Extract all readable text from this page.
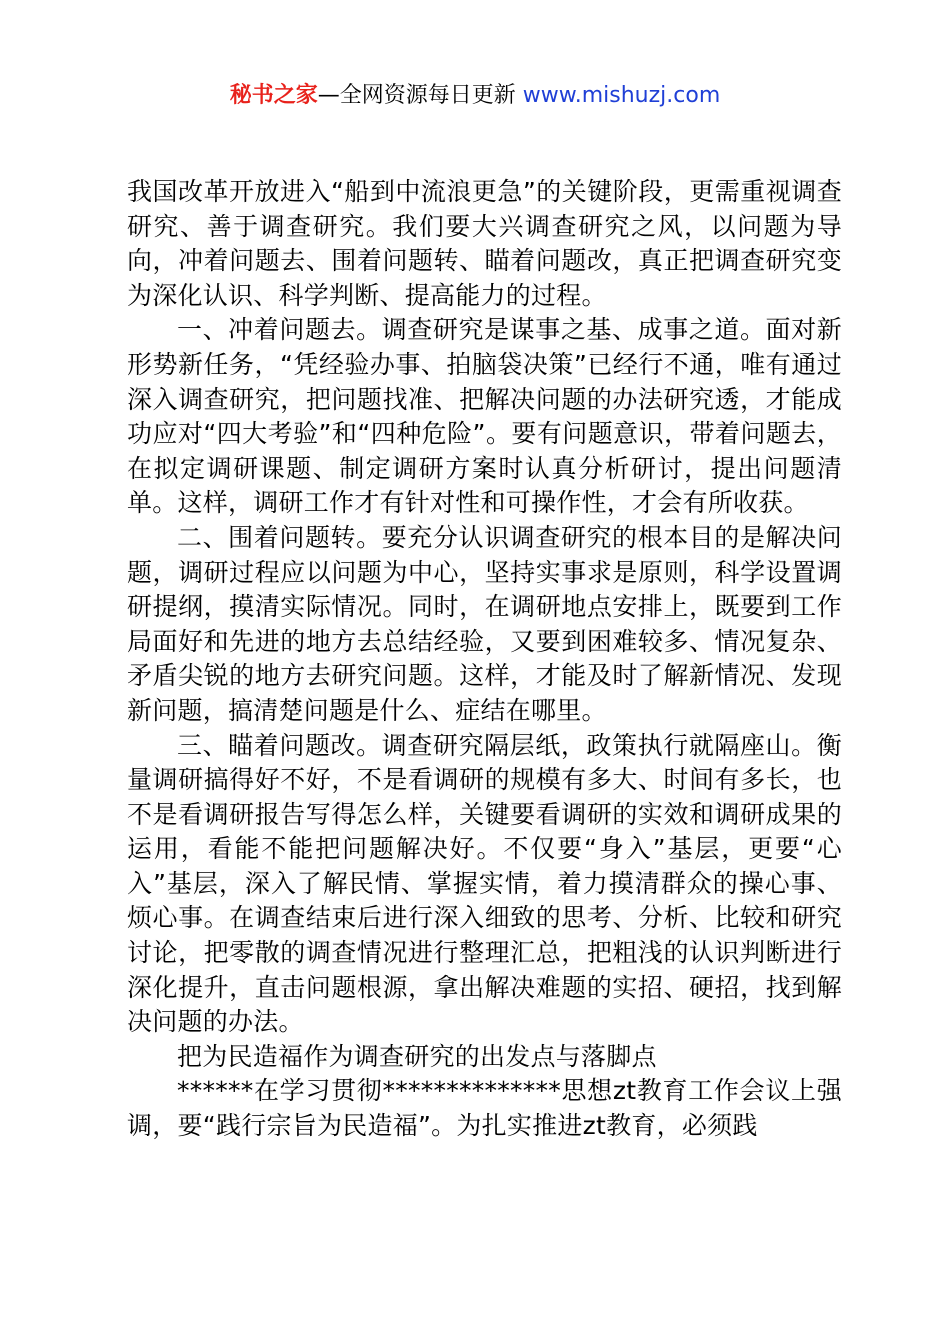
秘书之家—全网资源每日更新 www.mishuzj.com

我国改革开放进入“船到中流浪更急”的关键阶段，更需重视调查研究、善于调查研究。我们要大兴调查研究之风，以问题为导向，冲着问题去、围着问题转、瞄着问题改，真正把调查研究变为深化认识、科学判断、提高能力的过程。

一、冲着问题去。调查研究是谋事之基、成事之道。面对新形势新任务，“凭经验办事、拍脑袋决策”已经行不通，唯有通过深入调查研究，把问题找准、把解决问题的办法研究透，才能成功应对“四大考验”和“四种危险”。要有问题意识，带着问题去，在拟定调研课题、制定调研方案时认真分析研讨，提出问题清单。这样，调研工作才有针对性和可操作性，才会有所收获。

二、围着问题转。要充分认识调查研究的根本目的是解决问题，调研过程应以问题为中心，坚持实事求是原则，科学设置调研提纲，摸清实际情况。同时，在调研地点安排上，既要到工作局面好和先进的地方去总结经验，又要到困难较多、情况复杂、矛盾尖锐的地方去研究问题。这样，才能及时了解新情况、发现新问题，搞清楚问题是什么、症结在哪里。

三、瞄着问题改。调查研究隔层纸，政策执行就隔座山。衡量调研搞得好不好，不是看调研的规模有多大、时间有多长，也不是看调研报告写得怎么样，关键要看调研的实效和调研成果的运用，看能不能把问题解决好。不仅要“身入”基层，更要“心入”基层，深入了解民情、掌握实情，着力摸清群众的操心事、烦心事。在调查结束后进行深入细致的思考、分析、比较和研究讨论，把零散的调查情况进行整理汇总，把粗浅的认识判断进行深化提升，直击问题根源，拿出解决难题的实招、硬招，找到解决问题的办法。

把为民造福作为调查研究的出发点与落脚点

******在学习贯彻**************思想zt教育工作会议上强调，要“践行宗旨为民造福”。为扎实推进zt教育，必须践
